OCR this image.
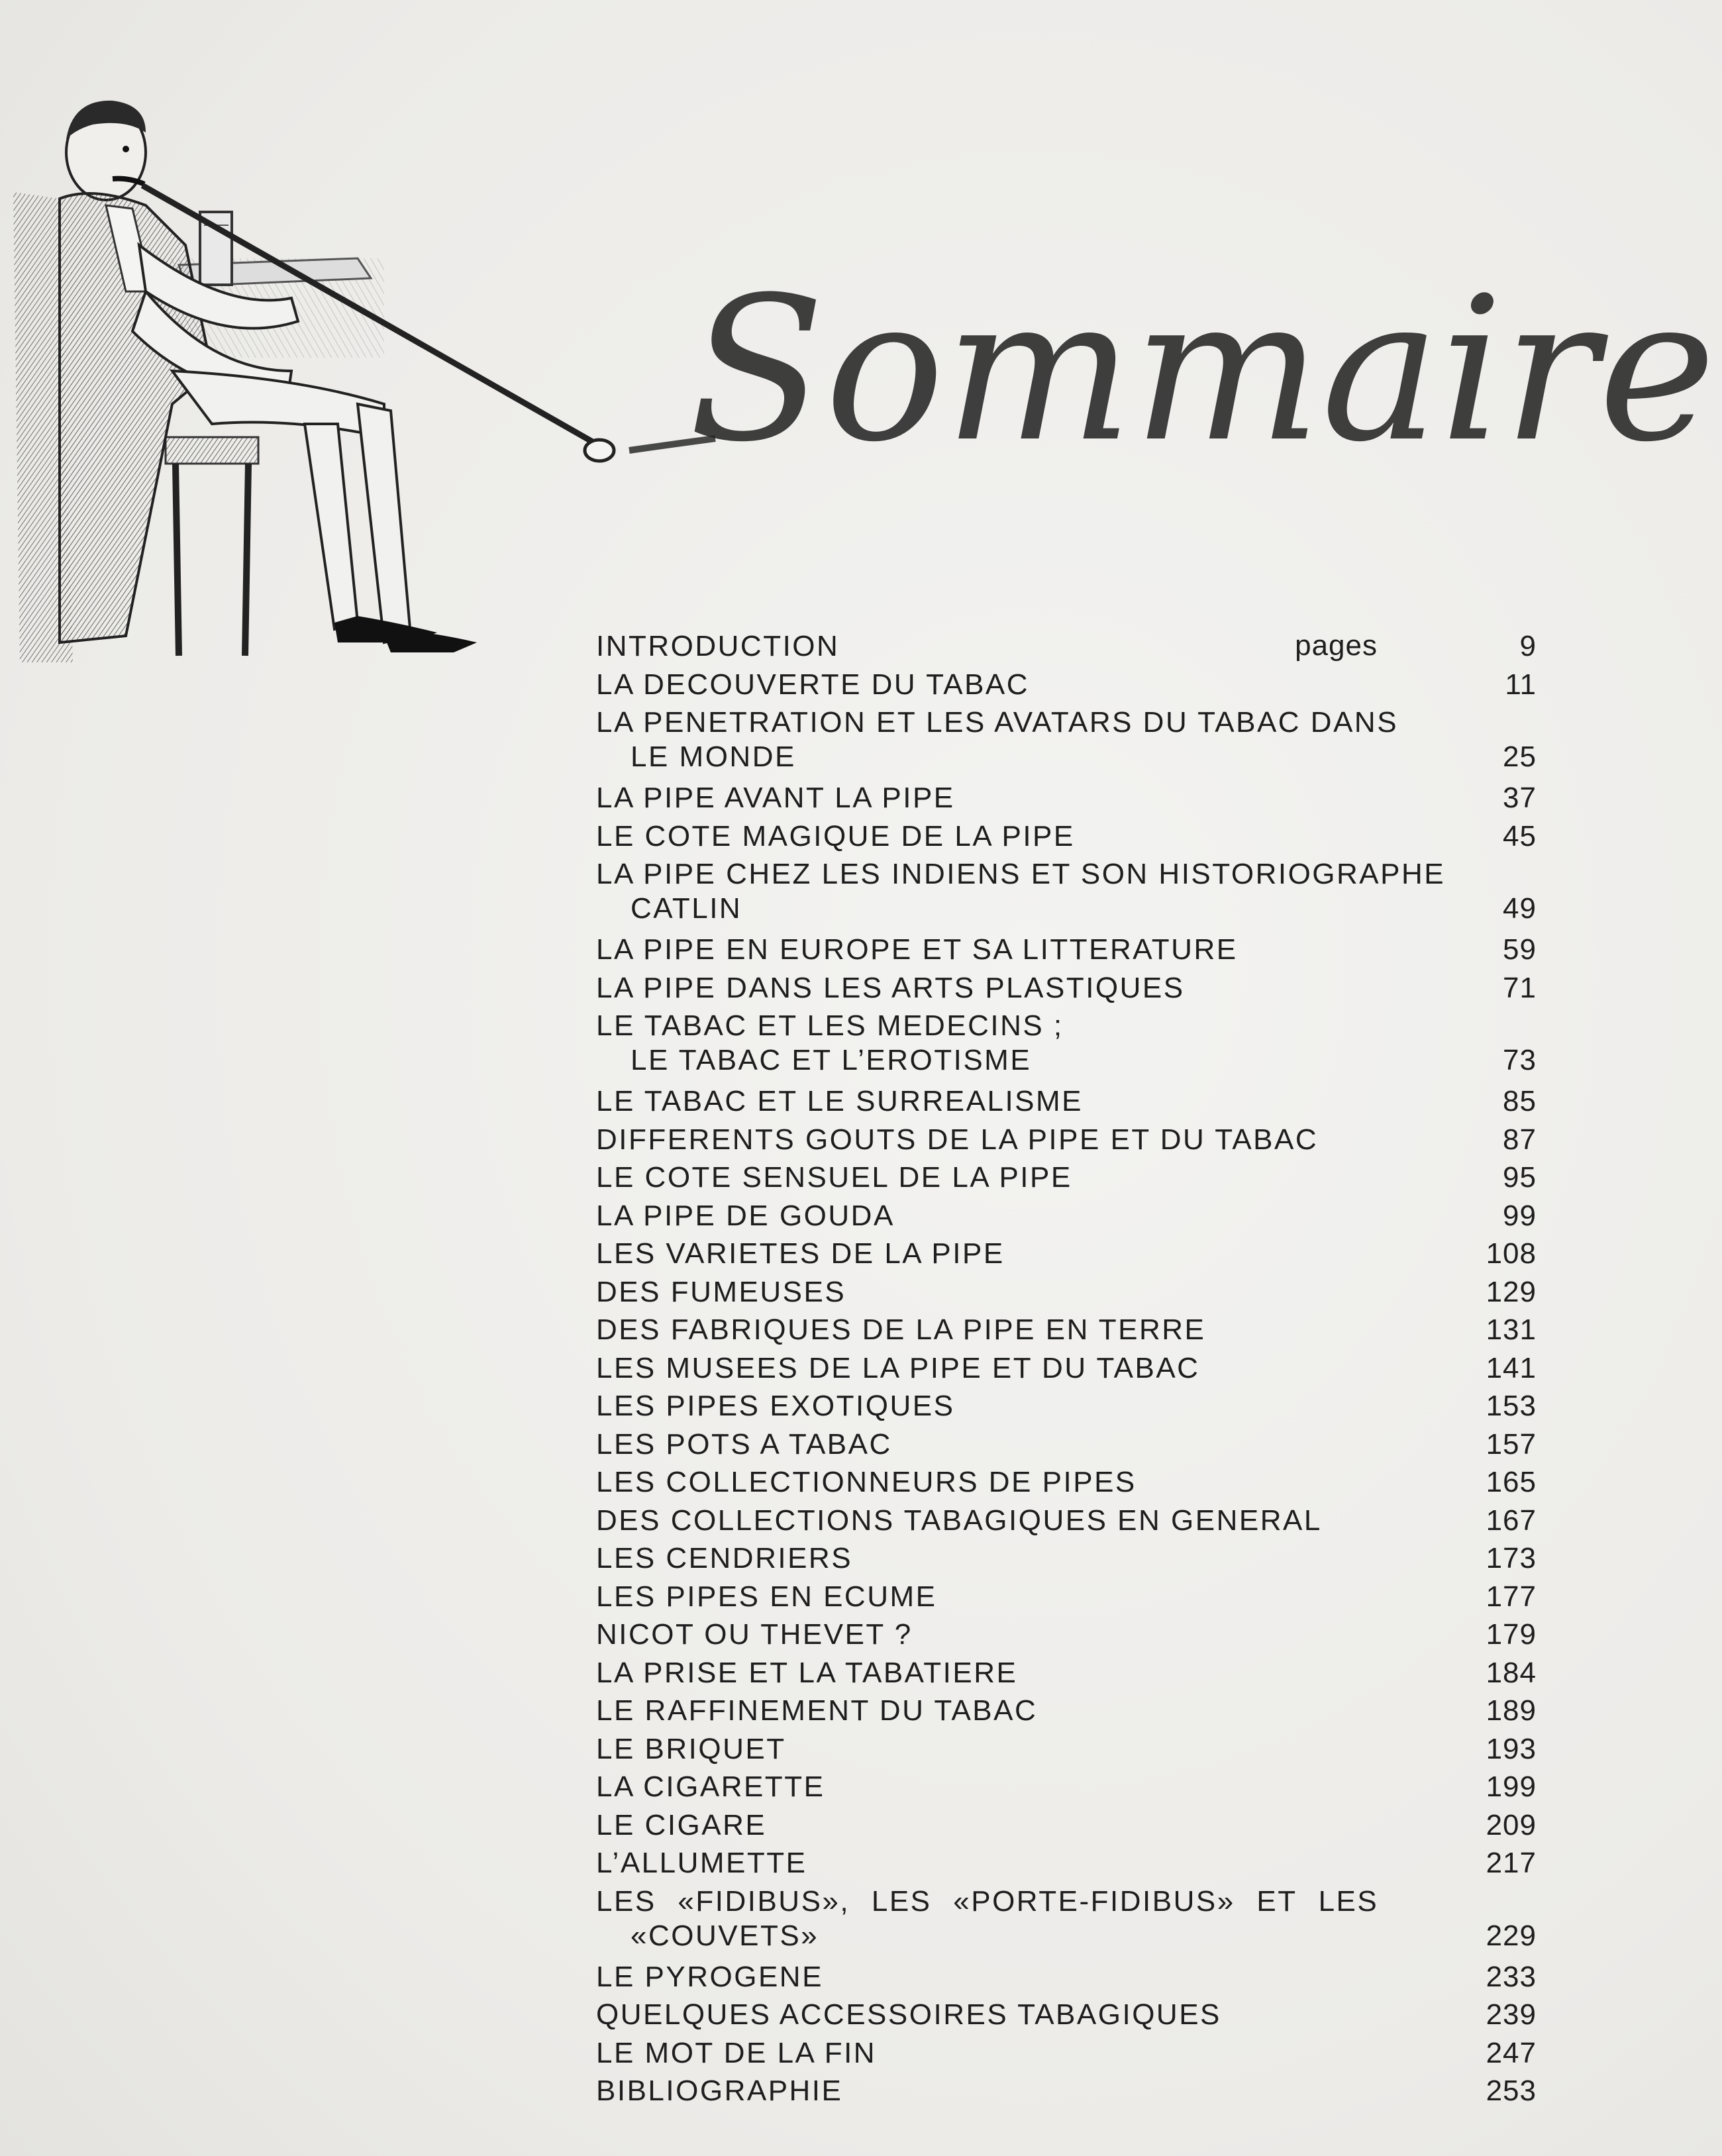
Sommaire
pages
INTRODUCTION	9
LA DECOUVERTE DU TABAC	11
LA PENETRATION ET LES AVATARS DU TABAC DANS
LE MONDE	25
LA PIPE AVANT LA PIPE	37
LE COTE MAGIQUE DE LA PIPE	45
LA PIPE CHEZ LES INDIENS ET SON HISTORIOGRAPHE
CATLIN	49
LA PIPE EN EUROPE ET SA LITTERATURE	59
LA PIPE DANS LES ARTS PLASTIQUES	71
LE TABAC ET LES MEDECINS ;
LE TABAC ET L’EROTISME	73
LE TABAC ET LE SURREALISME	85
DIFFERENTS GOUTS DE LA PIPE ET DU TABAC	87
LE COTE SENSUEL DE LA PIPE	95
LA PIPE DE GOUDA	99
LES VARIETES DE LA PIPE	108
DES FUMEUSES	129
DES FABRIQUES DE LA PIPE EN TERRE	131
LES MUSEES DE LA PIPE ET DU TABAC	141
LES PIPES EXOTIQUES	153
LES POTS A TABAC	157
LES COLLECTIONNEURS DE PIPES	165
DES COLLECTIONS TABAGIQUES EN GENERAL	167
LES CENDRIERS	173
LES PIPES EN ECUME	177
NICOT OU THEVET ?	179
LA PRISE ET LA TABATIERE	184
LE RAFFINEMENT DU TABAC	189
LE BRIQUET	193
LA CIGARETTE	199
LE CIGARE	209
L’ALLUMETTE	217
LES «FIDIBUS», LES «PORTE-FIDIBUS» ET LES
«COUVETS»	229
LE PYROGENE	233
QUELQUES ACCESSOIRES TABAGIQUES	239
LE MOT DE LA FIN	247
BIBLIOGRAPHIE	253
